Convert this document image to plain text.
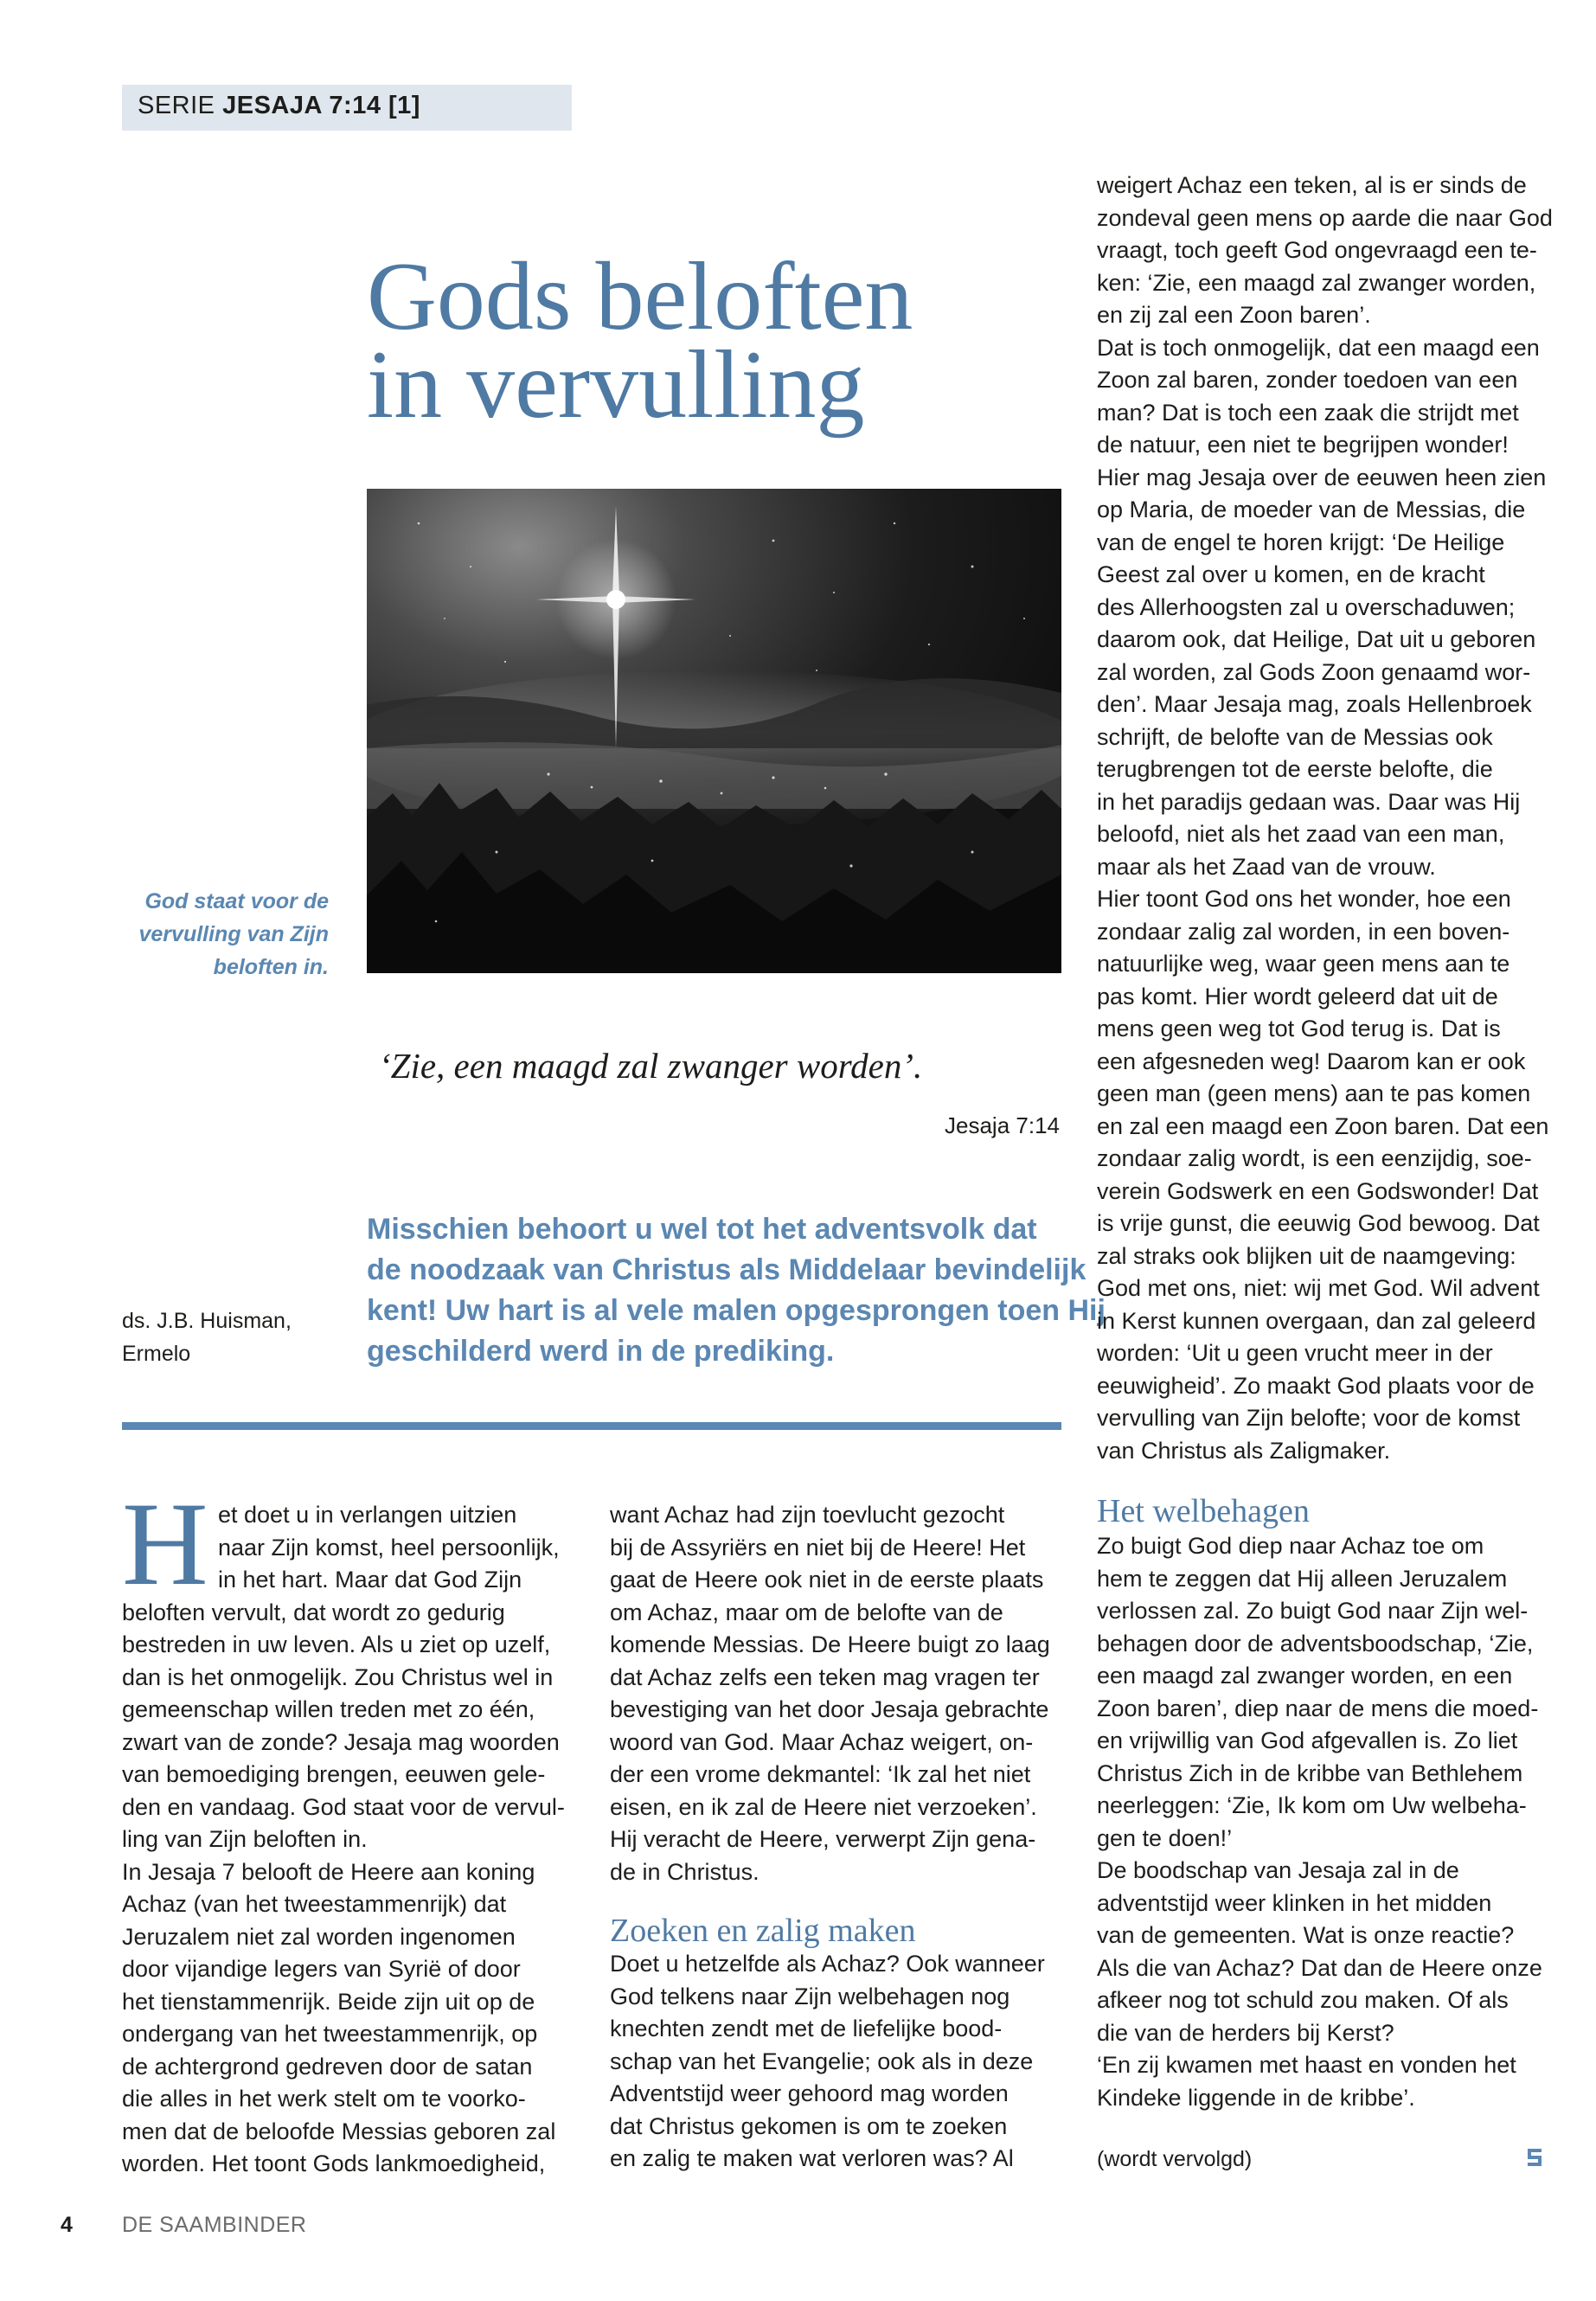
SERIE JESAJA 7:14 [1]
Gods beloften
in vervulling
God staat voor de
vervulling van Zijn
beloften in.
‘Zie, een maagd zal zwanger worden’.
Jesaja 7:14
ds. J.B. Huisman,
Ermelo
Misschien behoort u wel tot het adventsvolk dat
de noodzaak van Christus als Middelaar bevindelijk
kent! Uw hart is al vele malen opgesprongen toen Hij
geschilderd werd in de prediking.
H et doet u in verlangen uitzien
naar Zijn komst, heel persoonlijk,
in het hart. Maar dat God Zijn
beloften vervult, dat wordt zo gedurig
bestreden in uw leven. Als u ziet op uzelf,
dan is het onmogelijk. Zou Christus wel in
gemeenschap willen treden met zo één,
zwart van de zonde? Jesaja mag woorden
van bemoediging brengen, eeuwen gele-
den en vandaag. God staat voor de vervul-
ling van Zijn beloften in.
In Jesaja 7 belooft de Heere aan koning
Achaz (van het tweestammenrijk) dat
Jeruzalem niet zal worden ingenomen
door vijandige legers van Syrië of door
het tienstammenrijk. Beide zijn uit op de
ondergang van het tweestammenrijk, op
de achtergrond gedreven door de satan
die alles in het werk stelt om te voorko-
men dat de beloofde Messias geboren zal
worden. Het toont Gods lankmoedigheid,
want Achaz had zijn toevlucht gezocht
bij de Assyriërs en niet bij de Heere! Het
gaat de Heere ook niet in de eerste plaats
om Achaz, maar om de belofte van de
komende Messias. De Heere buigt zo laag
dat Achaz zelfs een teken mag vragen ter
bevestiging van het door Jesaja gebrachte
woord van God. Maar Achaz weigert, on-
der een vrome dekmantel: ‘Ik zal het niet
eisen, en ik zal de Heere niet verzoeken’.
Hij veracht de Heere, verwerpt Zijn gena-
de in Christus.
Zoeken en zalig maken
Doet u hetzelfde als Achaz? Ook wanneer
God telkens naar Zijn welbehagen nog
knechten zendt met de liefelijke bood-
schap van het Evangelie; ook als in deze
Adventstijd weer gehoord mag worden
dat Christus gekomen is om te zoeken
en zalig te maken wat verloren was? Al
weigert Achaz een teken, al is er sinds de
zondeval geen mens op aarde die naar God
vraagt, toch geeft God ongevraagd een te-
ken: ‘Zie, een maagd zal zwanger worden,
en zij zal een Zoon baren’.
Dat is toch onmogelijk, dat een maagd een
Zoon zal baren, zonder toedoen van een
man? Dat is toch een zaak die strijdt met
de natuur, een niet te begrijpen wonder!
Hier mag Jesaja over de eeuwen heen zien
op Maria, de moeder van de Messias, die
van de engel te horen krijgt: ‘De Heilige
Geest zal over u komen, en de kracht
des Allerhoogsten zal u overschaduwen;
daarom ook, dat Heilige, Dat uit u geboren
zal worden, zal Gods Zoon genaamd wor-
den’. Maar Jesaja mag, zoals Hellenbroek
schrijft, de belofte van de Messias ook
terugbrengen tot de eerste belofte, die
in het paradijs gedaan was. Daar was Hij
beloofd, niet als het zaad van een man,
maar als het Zaad van de vrouw.
Hier toont God ons het wonder, hoe een
zondaar zalig zal worden, in een boven-
natuurlijke weg, waar geen mens aan te
pas komt. Hier wordt geleerd dat uit de
mens geen weg tot God terug is. Dat is
een afgesneden weg! Daarom kan er ook
geen man (geen mens) aan te pas komen
en zal een maagd een Zoon baren. Dat een
zondaar zalig wordt, is een eenzijdig, soe-
verein Godswerk en een Godswonder! Dat
is vrije gunst, die eeuwig God bewoog. Dat
zal straks ook blijken uit de naamgeving:
God met ons, niet: wij met God. Wil advent
in Kerst kunnen overgaan, dan zal geleerd
worden: ‘Uit u geen vrucht meer in der
eeuwigheid’. Zo maakt God plaats voor de
vervulling van Zijn belofte; voor de komst
van Christus als Zaligmaker.
Het welbehagen
Zo buigt God diep naar Achaz toe om
hem te zeggen dat Hij alleen Jeruzalem
verlossen zal. Zo buigt God naar Zijn wel-
behagen door de adventsboodschap, ‘Zie,
een maagd zal zwanger worden, en een
Zoon baren’, diep naar de mens die moed-
en vrijwillig van God afgevallen is. Zo liet
Christus Zich in de kribbe van Bethlehem
neerleggen: ‘Zie, Ik kom om Uw welbeha-
gen te doen!’
De boodschap van Jesaja zal in de
adventstijd weer klinken in het midden
van de gemeenten. Wat is onze reactie?
Als die van Achaz? Dat dan de Heere onze
afkeer nog tot schuld zou maken. Of als
die van de herders bij Kerst?
‘En zij kwamen met haast en vonden het
Kindeke liggende in de kribbe’.
(wordt vervolgd)
4 DE SAAMBINDER
